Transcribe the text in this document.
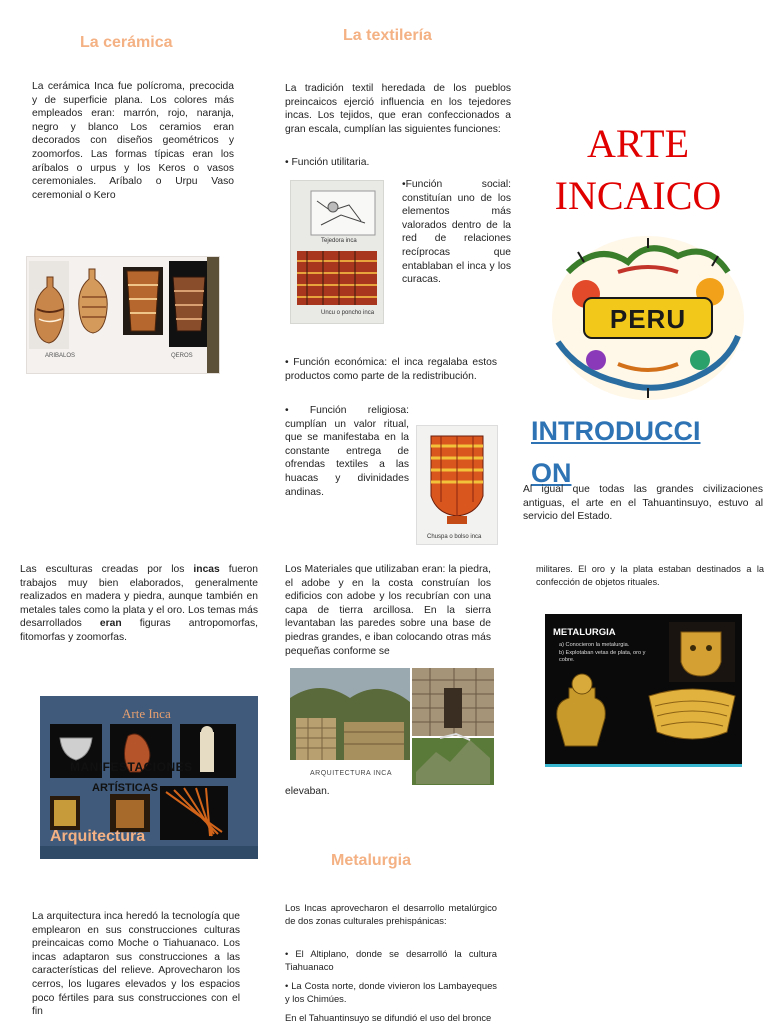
La cerámica

La cerámica Inca fue polícroma, precocida y de superficie plana. Los colores más empleados eran: marrón, rojo, naranja, negro y blanco Los ceramios eran decorados con diseños geométricos y zoomorfos. Las formas típicas eran los aríbalos o urpus y los Keros o vasos ceremoniales. Aríbalo o Urpu Vaso ceremonial o Kero

ARIBALOS	QEROS
La textilería

La tradición textil heredada de los pueblos preincaicos ejerció influencia en los tejedores incas. Los tejidos, que eran confeccionados a gran escala, cumplían las siguientes funciones:

• Función utilitaria.

Tejedora inca
Uncu o poncho inca

•Función social: constituían uno de los elementos más valorados dentro de la red de relaciones recíprocas que entablaban el inca y los curacas.

• Función económica: el inca regalaba estos productos como parte de la redistribución.

• Función religiosa: cumplían un valor ritual, que se manifestaba en la constante entrega de ofrendas textiles a las huacas y divinidades andinas.

Chuspa o bolso inca
ARTE
INCAICO
PERU
INTRODUCCI
ON

Al igual que todas las grandes civilizaciones antiguas, el arte en el Tahuantinsuyo, estuvo al servicio del Estado.

Las esculturas creadas por los incas fueron trabajos muy bien elaborados, generalmente realizados en madera y piedra, aunque también en metales tales como la plata y el oro. Los temas más desarrollados eran figuras antropomorfas, fitomorfas y zoomorfas.

Arte Inca
MANIFESTACIONES
ARTÍSTICAS
Arquitectura

Los Materiales que utilizaban eran: la piedra, el adobe y en la costa construían los edificios con adobe y los recubrían con una capa de tierra arcillosa. En la sierra levantaban las paredes sobre una base de piedras grandes, e iban colocando otras más pequeñas conforme se

ARQUITECTURA INCA

elevaban.

militares. El oro y la plata estaban destinados a la confección de objetos rituales.

METALURGIA
a) Conocieron la metalurgia.
b) Explotaban vetas de plata, oro y cobre.
Metalurgia

Los Incas aprovecharon el desarrollo metalúrgico de dos zonas culturales prehispánicas:

• El Altiplano, donde se desarrolló la cultura Tiahuanaco

• La Costa norte, donde vivieron los Lambayeques y los Chimúes.

En el Tahuantinsuyo se difundió el uso del bronce

La arquitectura inca heredó la tecnología que emplearon en sus construcciones culturas preincaicas como Moche o Tiahuanaco. Los incas adaptaron sus construcciones a las características del relieve. Aprovecharon los cerros, los lugares elevados y los espacios poco fértiles para sus construcciones con el fin
